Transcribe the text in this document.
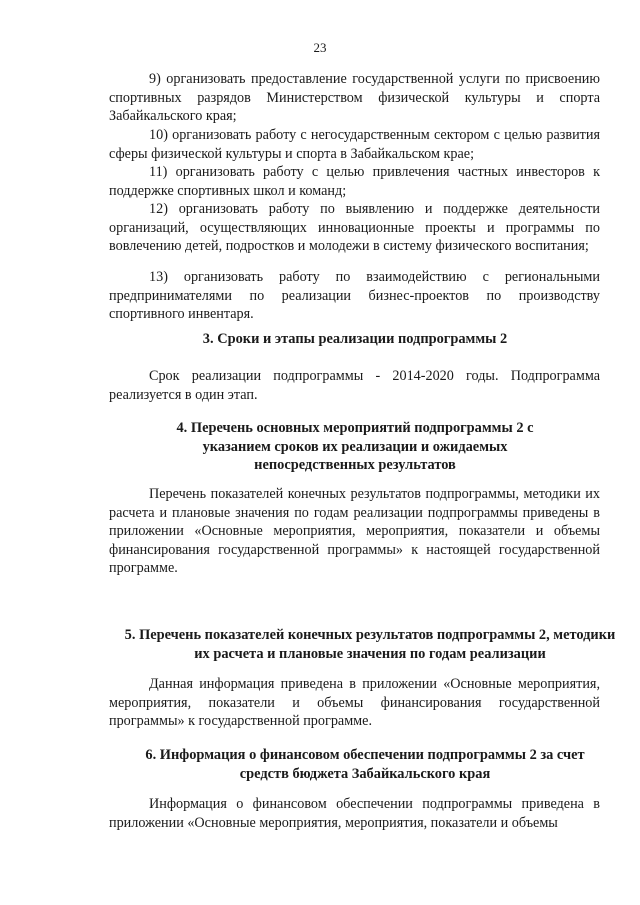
23
9) организовать предоставление государственной услуги по присвоению спортивных разрядов Министерством физической культуры и спорта Забайкальского края;
10) организовать работу с негосударственным сектором с целью развития сферы физической культуры и спорта в Забайкальском крае;
11) организовать работу с целью привлечения частных инвесторов к поддержке спортивных школ и команд;
12) организовать работу по выявлению и поддержке деятельности организаций, осуществляющих инновационные проекты и программы по вовлечению детей, подростков и молодежи в систему физического воспитания;
13) организовать работу по взаимодействию с региональными предпринимателями по реализации бизнес-проектов по производству спортивного инвентаря.
3. Сроки и этапы реализации подпрограммы 2
Срок реализации подпрограммы - 2014-2020 годы. Подпрограмма реализуется в один этап.
4. Перечень основных мероприятий подпрограммы 2 с указанием сроков их реализации и ожидаемых непосредственных результатов
Перечень показателей конечных результатов подпрограммы, методики их расчета и плановые значения по годам реализации подпрограммы приведены в приложении «Основные мероприятия, мероприятия, показатели и объемы финансирования государственной программы» к настоящей государственной программе.
5. Перечень показателей конечных результатов подпрограммы 2, методики их расчета и плановые значения по годам реализации
Данная информация приведена в приложении «Основные мероприятия, мероприятия, показатели и объемы финансирования государственной программы» к государственной программе.
6. Информация о финансовом обеспечении подпрограммы 2 за счет средств бюджета Забайкальского края
Информация о финансовом обеспечении подпрограммы приведена в приложении «Основные мероприятия, мероприятия, показатели и объемы
